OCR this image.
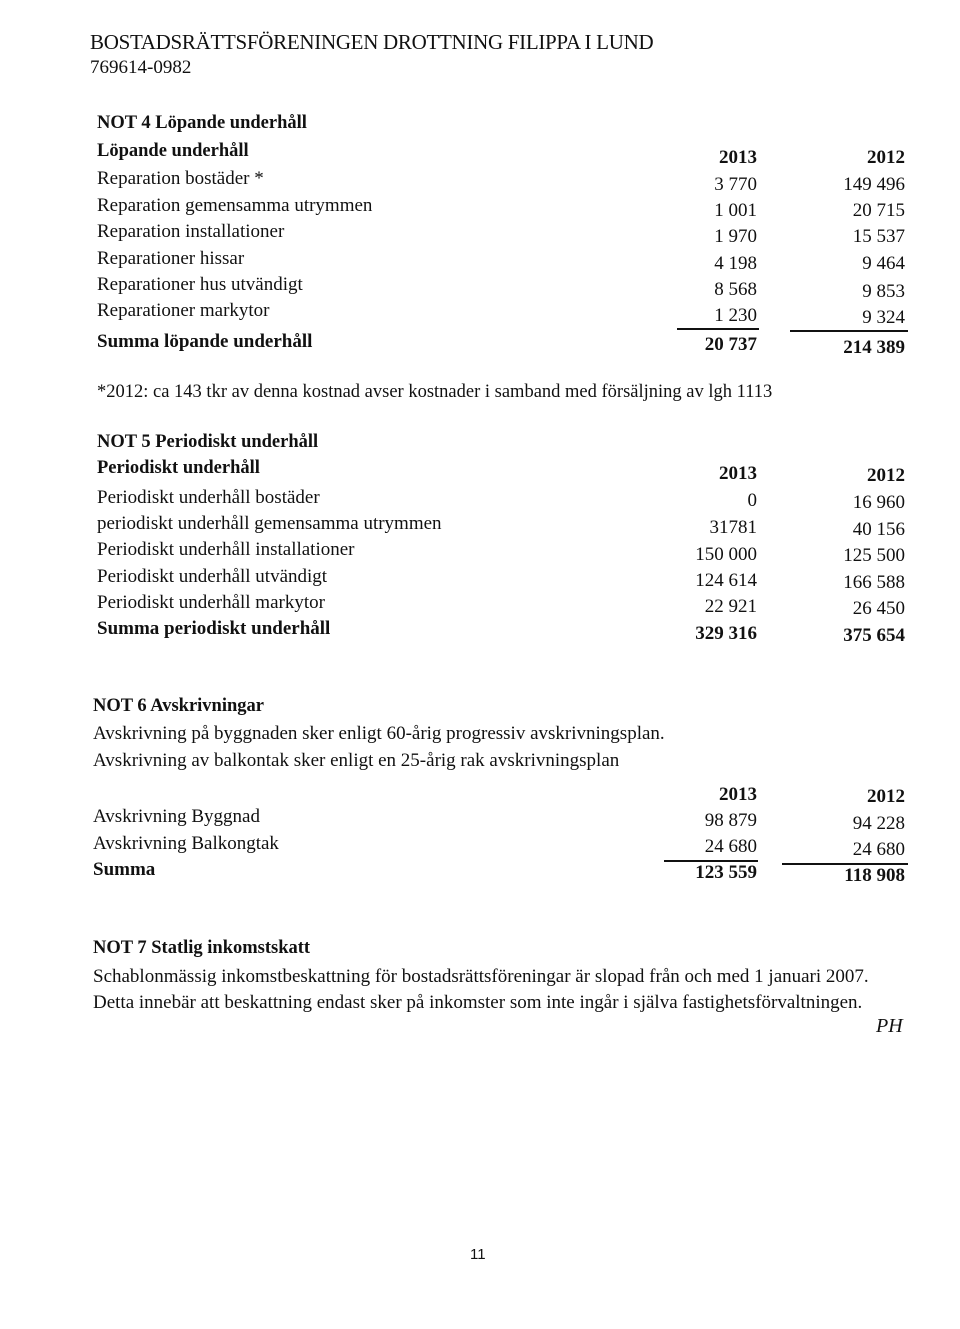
BOSTADSRÄTTSFÖRENINGEN DROTTNING FILIPPA I LUND
769614-0982
NOT 4 Löpande underhåll
Löpande underhåll	2013	2012
Reparation bostäder *	3 770	149 496
Reparation gemensamma utrymmen	1 001	20 715
Reparation installationer	1 970	15 537
Reparationer hissar	4 198	9 464
Reparationer hus utvändigt	8 568	9 853
Reparationer markytor	1 230	9 324
Summa löpande underhåll	20 737	214 389
*2012: ca 143 tkr av denna kostnad avser kostnader i samband med försäljning av lgh 1113
NOT 5 Periodiskt underhåll
Periodiskt underhåll	2013	2012
Periodiskt underhåll bostäder	0	16 960
periodiskt underhåll gemensamma utrymmen	31781	40 156
Periodiskt underhåll installationer	150 000	125 500
Periodiskt underhåll utvändigt	124 614	166 588
Periodiskt underhåll markytor	22 921	26 450
Summa periodiskt underhåll	329 316	375 654
NOT 6 Avskrivningar
Avskrivning på byggnaden sker enligt 60-årig progressiv avskrivningsplan.
Avskrivning av balkontak sker enligt en 25-årig rak avskrivningsplan
2013	2012
Avskrivning Byggnad	98 879	94 228
Avskrivning Balkongtak	24 680	24 680
Summa	123 559	118 908
NOT 7 Statlig inkomstskatt
Schablonmässig inkomstbeskattning för bostadsrättsföreningar är slopad från och med 1 januari 2007.
Detta innebär att beskattning endast sker på inkomster som inte ingår i själva fastighetsförvaltningen.
PH
11
